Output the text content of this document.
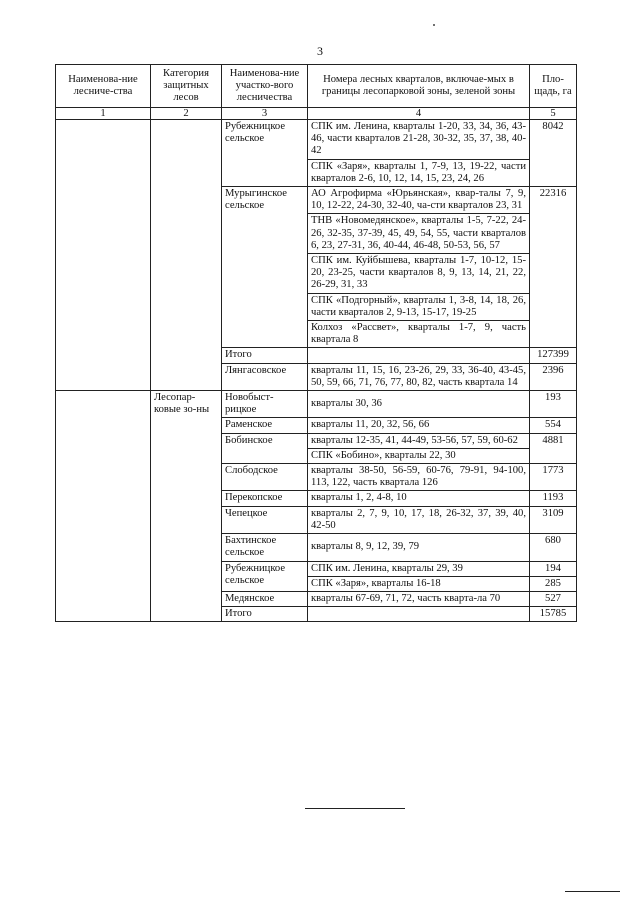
3
Наименова-ние лесниче-ства	Категория защитных лесов	Наименова-ние участко-вого лесничества	Номера лесных кварталов, включае-мых в границы лесопарковой зоны, зеленой зоны	Пло-щадь, га
1	2	3	4	5
		Рубежницкое сельское	СПК им. Ленина, кварталы 1-20, 33, 34, 36, 43-46, части кварталов 21-28, 30-32, 35, 37, 38, 40-42	8042
			СПК «Заря», кварталы 1, 7-9, 13, 19-22, части кварталов 2-6, 10, 12, 14, 15, 23, 24, 26	
		Мурыгинское сельское	АО Агрофирма «Юрьянская», квар-талы 7, 9, 10, 12-22, 24-30, 32-40, ча-сти кварталов 23, 31	22316
			ТНВ «Новомедянское», кварталы 1-5, 7-22, 24-26, 32-35, 37-39, 45, 49, 54, 55, части кварталов 6, 23, 27-31, 36, 40-44, 46-48, 50-53, 56, 57	
			СПК им. Куйбышева, кварталы 1-7, 10-12, 15-20, 23-25, части кварталов 8, 9, 13, 14, 21, 22, 26-29, 31, 33	
			СПК «Подгорный», кварталы 1, 3-8, 14, 18, 26, части кварталов 2, 9-13, 15-17, 19-25	
			Колхоз «Рассвет», кварталы 1-7, 9, часть квартала 8	
		Итого		127399
		Лянгасовское	кварталы 11, 15, 16, 23-26, 29, 33, 36-40, 43-45, 50, 59, 66, 71, 76, 77, 80, 82, часть квартала 14	2396
	Лесопар-ковые зо-ны	Новобыст-рицкое	кварталы 30, 36	193
		Раменское	кварталы 11, 20, 32, 56, 66	554
		Бобинское	кварталы 12-35, 41, 44-49, 53-56, 57, 59, 60-62	4881
			СПК «Бобино», кварталы 22, 30	
		Слободское	кварталы 38-50, 56-59, 60-76, 79-91, 94-100, 113, 122, часть квартала 126	1773
		Перекопское	кварталы 1, 2, 4-8, 10	1193
		Чепецкое	кварталы 2, 7, 9, 10, 17, 18, 26-32, 37, 39, 40, 42-50	3109
		Бахтинское сельское	кварталы 8, 9, 12, 39, 79	680
		Рубежницкое сельское	СПК им. Ленина, кварталы 29, 39	194
			СПК «Заря», кварталы 16-18	285
		Медянское	кварталы 67-69, 71, 72, часть кварта-ла 70	527
		Итого		15785
